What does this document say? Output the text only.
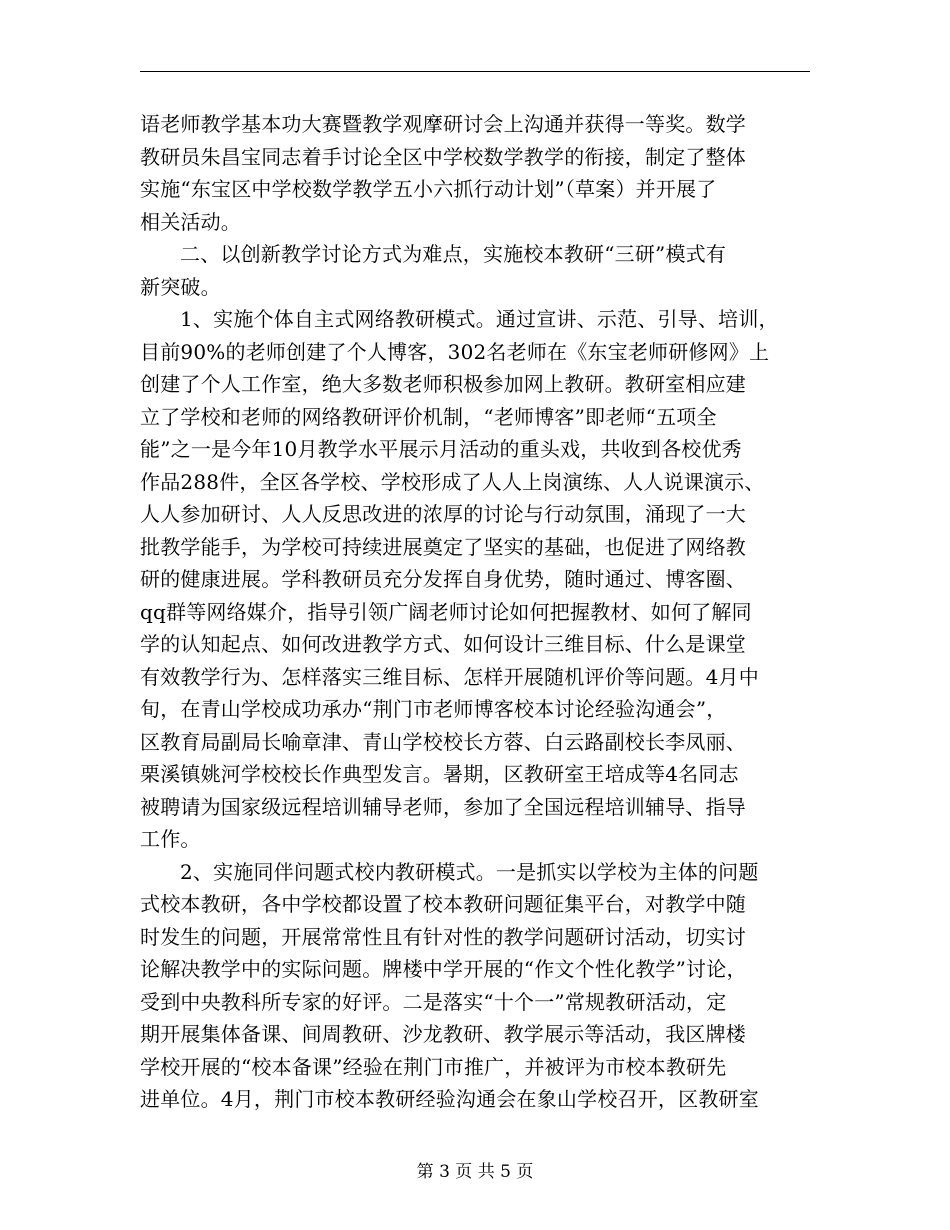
语老师教学基本功大赛暨教学观摩研讨会上沟通并获得一等奖。数学
教研员朱昌宝同志着手讨论全区中学校数学教学的衔接，制定了整体
实施“东宝区中学校数学教学五小六抓行动计划”（草案）并开展了
相关活动。
二、以创新教学讨论方式为难点，实施校本教研“三研”模式有
新突破。
1、实施个体自主式网络教研模式。通过宣讲、示范、引导、培训，
目前90%的老师创建了个人博客，302名老师在《东宝老师研修网》上
创建了个人工作室，绝大多数老师积极参加网上教研。教研室相应建
立了学校和老师的网络教研评价机制，“老师博客”即老师“五项全
能”之一是今年10月教学水平展示月活动的重头戏，共收到各校优秀
作品288件，全区各学校、学校形成了人人上岗演练、人人说课演示、
人人参加研讨、人人反思改进的浓厚的讨论与行动氛围，涌现了一大
批教学能手，为学校可持续进展奠定了坚实的基础，也促进了网络教
研的健康进展。学科教研员充分发挥自身优势，随时通过、博客圈、
qq群等网络媒介，指导引领广阔老师讨论如何把握教材、如何了解同
学的认知起点、如何改进教学方式、如何设计三维目标、什么是课堂
有效教学行为、怎样落实三维目标、怎样开展随机评价等问题。4月中
旬，在青山学校成功承办“荆门市老师博客校本讨论经验沟通会”，
区教育局副局长喻章津、青山学校校长方蓉、白云路副校长李凤丽、
栗溪镇姚河学校校长作典型发言。暑期，区教研室王培成等4名同志
被聘请为国家级远程培训辅导老师，参加了全国远程培训辅导、指导
工作。
2、实施同伴问题式校内教研模式。一是抓实以学校为主体的问题
式校本教研，各中学校都设置了校本教研问题征集平台，对教学中随
时发生的问题，开展常常性且有针对性的教学问题研讨活动，切实讨
论解决教学中的实际问题。牌楼中学开展的“作文个性化教学”讨论，
受到中央教科所专家的好评。二是落实“十个一”常规教研活动，定
期开展集体备课、间周教研、沙龙教研、教学展示等活动，我区牌楼
学校开展的“校本备课”经验在荆门市推广，并被评为市校本教研先
进单位。4月，荆门市校本教研经验沟通会在象山学校召开，区教研室
第 3 页 共 5 页
